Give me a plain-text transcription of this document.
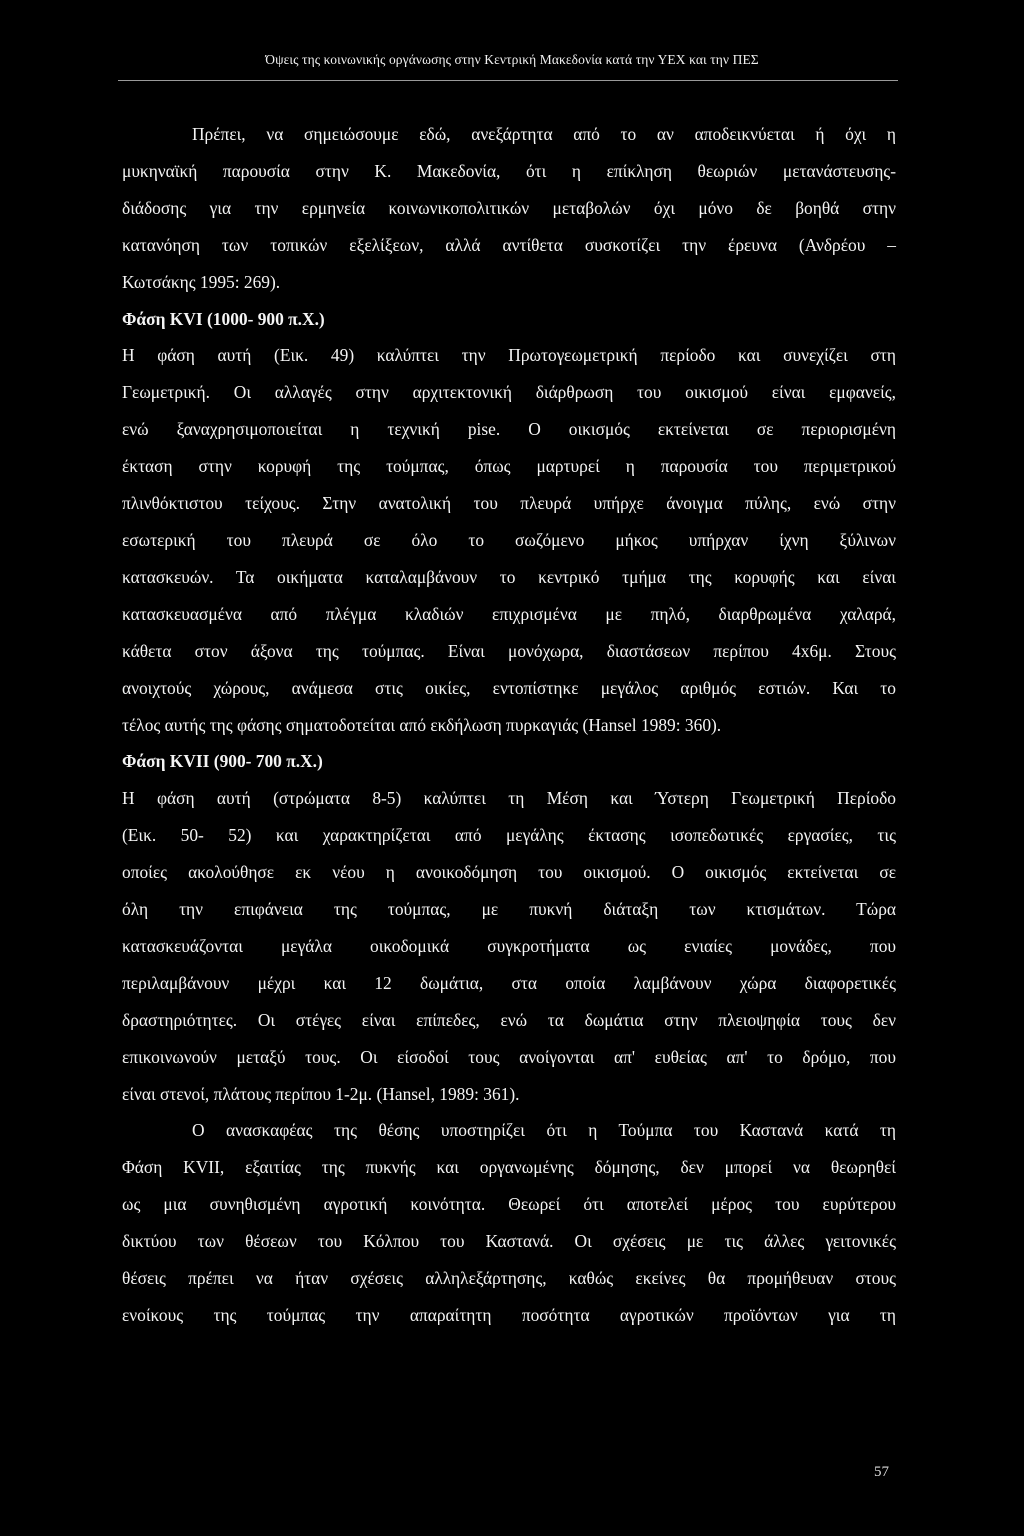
Όψεις της κοινωνικής οργάνωσης στην Κεντρική Μακεδονία κατά την ΥΕΧ και την ΠΕΣ
Πρέπει, να σημειώσουμε εδώ, ανεξάρτητα από το αν αποδεικνύεται ή όχι η
μυκηναϊκή παρουσία στην Κ. Μακεδονία, ότι η επίκληση θεωριών μετανάστευσης-
διάδοσης για την ερμηνεία κοινωνικοπολιτικών μεταβολών όχι μόνο δε βοηθά στην
κατανόηση των τοπικών εξελίξεων, αλλά αντίθετα συσκοτίζει την έρευνα (Ανδρέου –
Κωτσάκης 1995: 269).
Φάση ΚVI (1000- 900 π.Χ.)
Η φάση αυτή (Εικ. 49) καλύπτει την Πρωτογεωμετρική περίοδο και συνεχίζει στη
Γεωμετρική. Οι αλλαγές στην αρχιτεκτονική διάρθρωση του οικισμού είναι εμφανείς,
ενώ ξαναχρησιμοποιείται η τεχνική pise. Ο οικισμός εκτείνεται σε περιορισμένη
έκταση στην κορυφή της τούμπας, όπως μαρτυρεί η παρουσία του περιμετρικού
πλινθόκτιστου τείχους. Στην ανατολική του πλευρά υπήρχε άνοιγμα πύλης, ενώ στην
εσωτερική του πλευρά σε όλο το σωζόμενο μήκος υπήρχαν ίχνη ξύλινων
κατασκευών. Τα οικήματα καταλαμβάνουν το κεντρικό τμήμα της κορυφής και είναι
κατασκευασμένα από πλέγμα κλαδιών επιχρισμένα με πηλό, διαρθρωμένα χαλαρά,
κάθετα στον άξονα της τούμπας. Είναι μονόχωρα, διαστάσεων περίπου 4x6μ. Στους
ανοιχτούς χώρους, ανάμεσα στις οικίες, εντοπίστηκε μεγάλος αριθμός εστιών. Και το
τέλος αυτής της φάσης σηματοδοτείται από εκδήλωση πυρκαγιάς (Hansel 1989: 360).
Φάση ΚVII (900- 700 π.Χ.)
Η φάση αυτή (στρώματα 8-5) καλύπτει τη Μέση και Ύστερη Γεωμετρική Περίοδο
(Εικ. 50- 52) και χαρακτηρίζεται από μεγάλης έκτασης ισοπεδωτικές εργασίες, τις
οποίες ακολούθησε εκ νέου η ανοικοδόμηση του οικισμού. Ο οικισμός εκτείνεται σε
όλη την επιφάνεια της τούμπας, με πυκνή διάταξη των κτισμάτων. Τώρα
κατασκευάζονται μεγάλα οικοδομικά συγκροτήματα ως ενιαίες μονάδες, που
περιλαμβάνουν μέχρι και 12 δωμάτια, στα οποία λαμβάνουν χώρα διαφορετικές
δραστηριότητες. Οι στέγες είναι επίπεδες, ενώ τα δωμάτια στην πλειοψηφία τους δεν
επικοινωνούν μεταξύ τους. Οι είσοδοί τους ανοίγονται απ' ευθείας απ' το δρόμο, που
είναι στενοί, πλάτους περίπου 1-2μ. (Hansel, 1989: 361).
Ο ανασκαφέας της θέσης υποστηρίζει ότι η Τούμπα του Καστανά κατά τη
Φάση ΚVII, εξαιτίας της πυκνής και οργανωμένης δόμησης, δεν μπορεί να θεωρηθεί
ως μια συνηθισμένη αγροτική κοινότητα. Θεωρεί ότι αποτελεί μέρος του ευρύτερου
δικτύου των θέσεων του Κόλπου του Καστανά. Οι σχέσεις με τις άλλες γειτονικές
θέσεις πρέπει να ήταν σχέσεις αλληλεξάρτησης, καθώς εκείνες θα προμήθευαν στους
ενοίκους της τούμπας την απαραίτητη ποσότητα αγροτικών προϊόντων για τη
57
